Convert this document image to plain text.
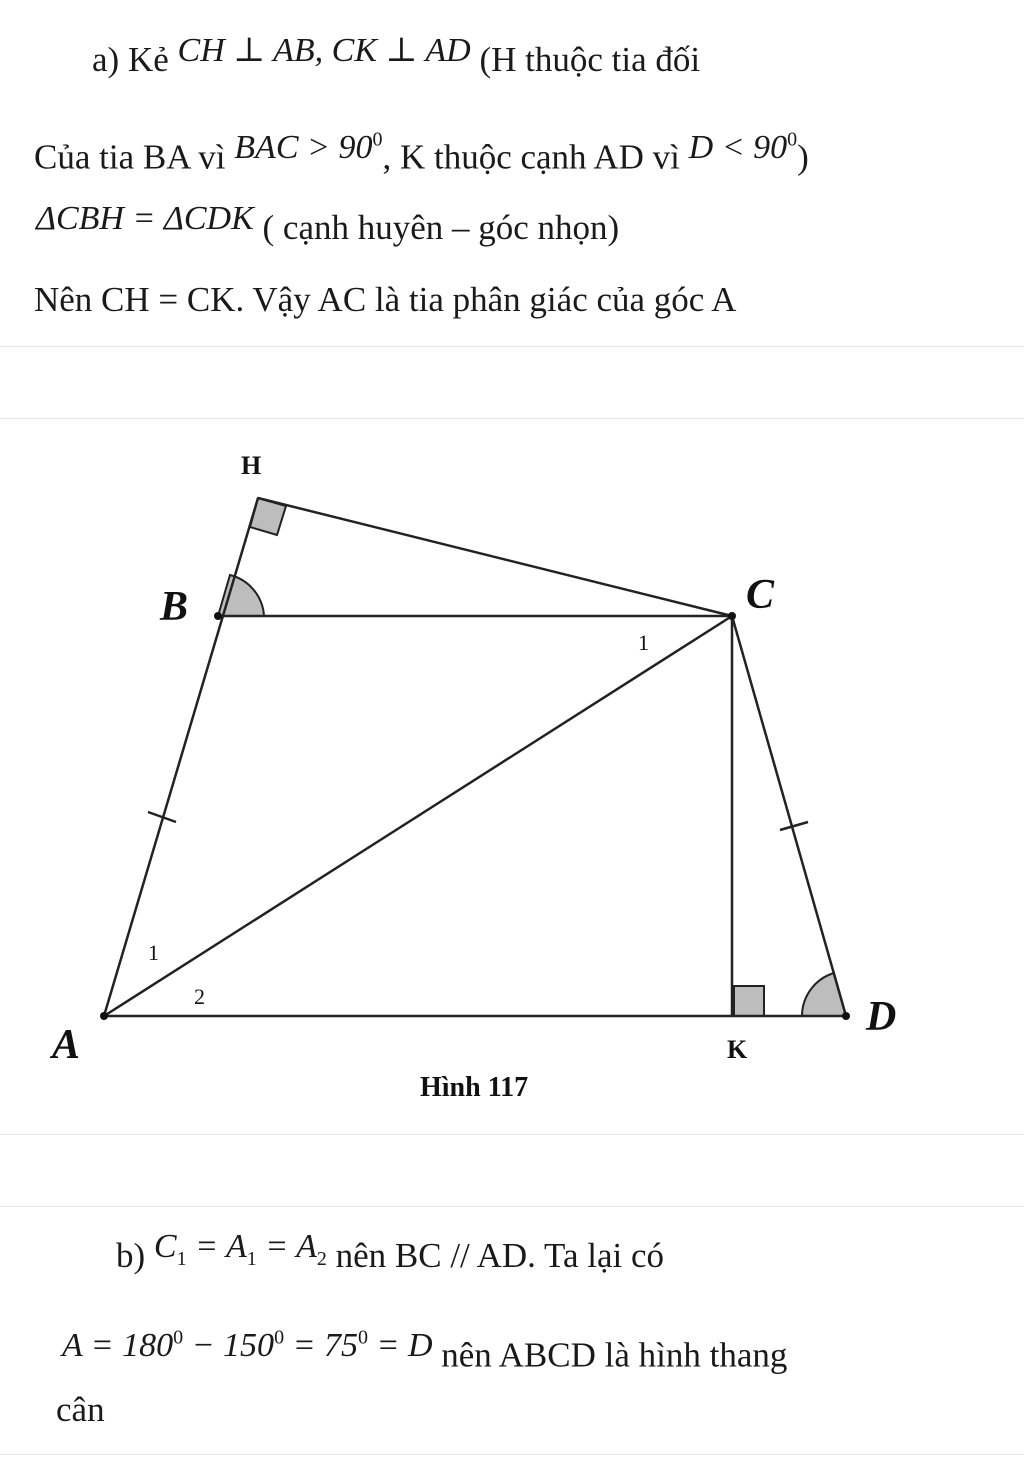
a) Kẻ CH ⊥ AB, CK ⊥ AD (H thuộc tia đối
Của tia BA vì BAC > $90^0$, K thuộc cạnh AD vì $D < 90^0$)
ΔCBH = ΔCDK ( cạnh huyên – góc nhọn)
Nên CH = CK. Vậy AC là tia phân giác của góc A
H
B	C
A	K
D
1
1
2
Hình 117
b) $C_1 = A_1 = A_2$ nên BC // AD. Ta lại có
$A = 180^0 - 150^0 = 75^0 = D$ nên ABCD là hình thang
cân
